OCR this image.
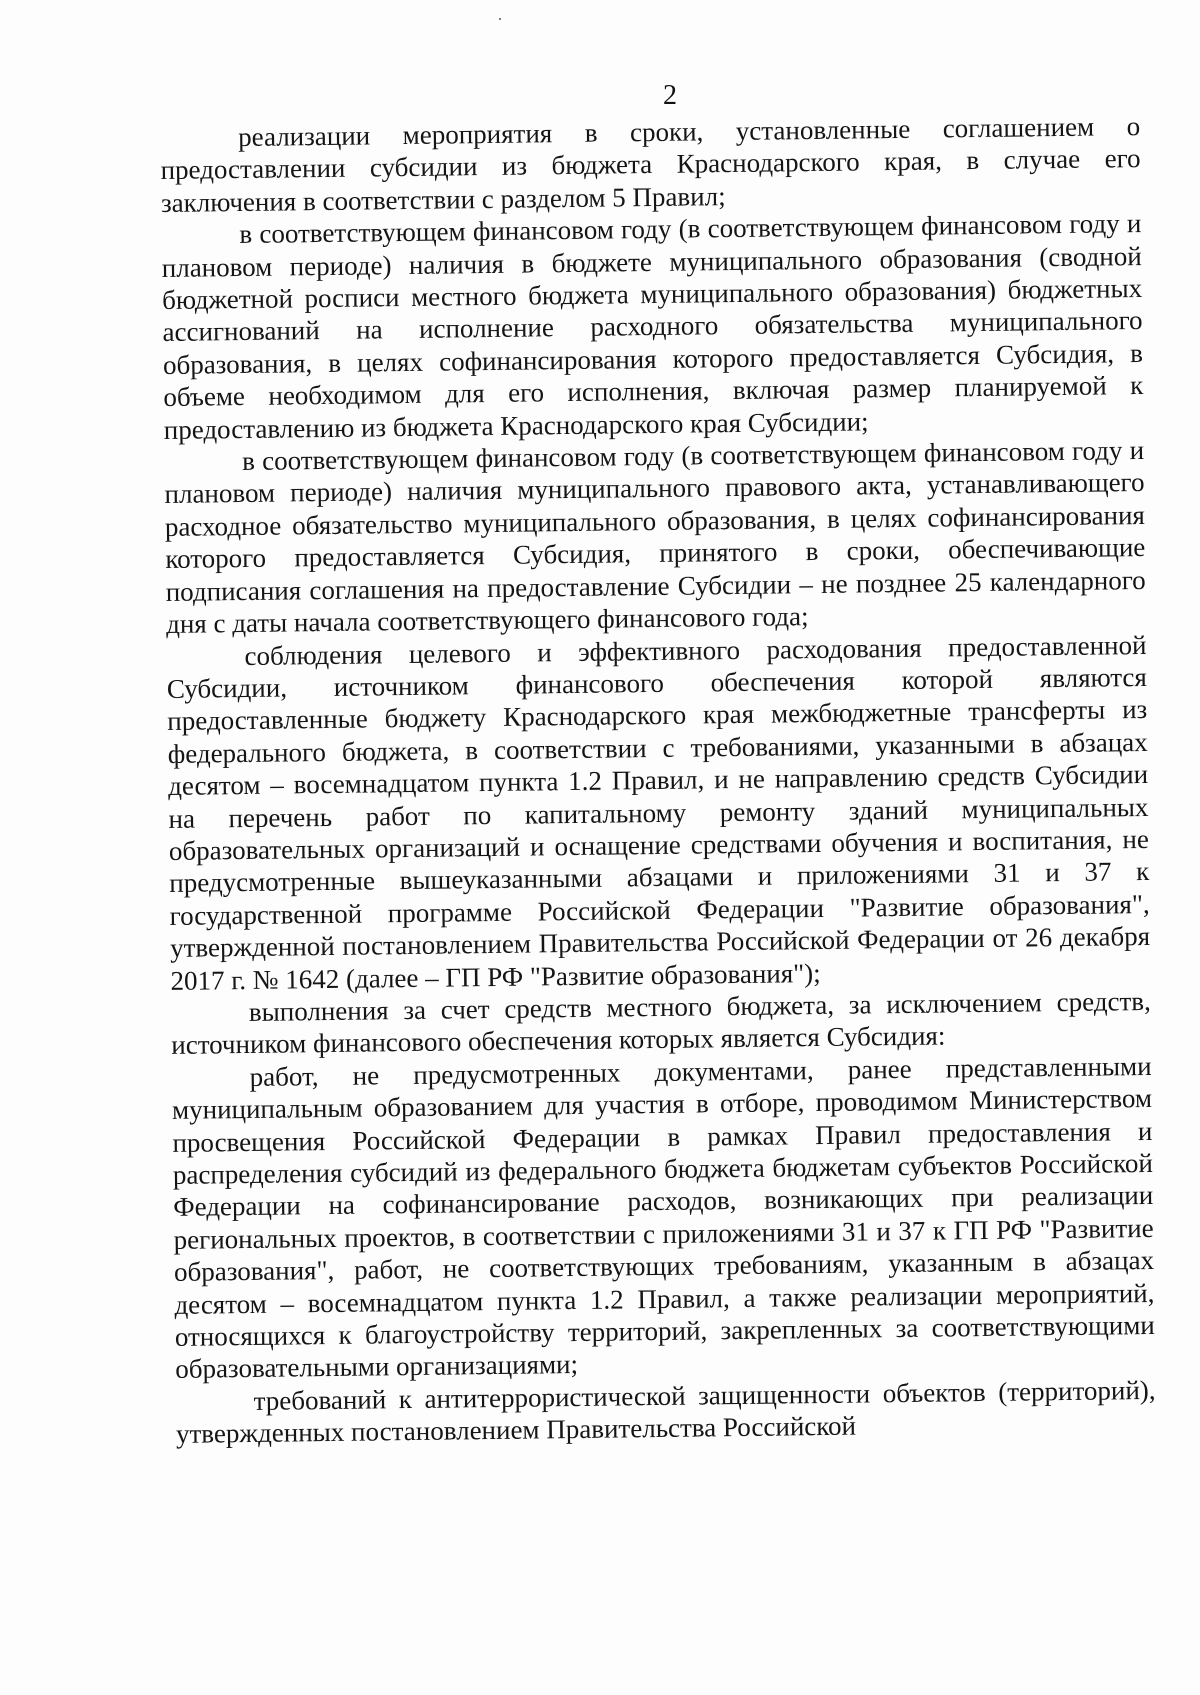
2

реализации мероприятия в сроки, установленные соглашением о предоставлении субсидии из бюджета Краснодарского края, в случае его заключения в соответствии с разделом 5 Правил;

в соответствующем финансовом году (в соответствующем финансовом году и плановом периоде) наличия в бюджете муниципального образования (сводной бюджетной росписи местного бюджета муниципального образования) бюджетных ассигнований на исполнение расходного обязательства муниципального образования, в целях софинансирования которого предоставляется Субсидия, в объеме необходимом для его исполнения, включая размер планируемой к предоставлению из бюджета Краснодарского края Субсидии;

в соответствующем финансовом году (в соответствующем финансовом году и плановом периоде) наличия муниципального правового акта, устанавливающего расходное обязательство муниципального образования, в целях софинансирования которого предоставляется Субсидия, принятого в сроки, обеспечивающие подписания соглашения на предоставление Субсидии – не позднее 25 календарного дня с даты начала соответствующего финансового года;

соблюдения целевого и эффективного расходования предоставленной Субсидии, источником финансового обеспечения которой являются предоставленные бюджету Краснодарского края межбюджетные трансферты из федерального бюджета, в соответствии с требованиями, указанными в абзацах десятом – восемнадцатом пункта 1.2 Правил, и не направлению средств Субсидии на перечень работ по капитальному ремонту зданий муниципальных образовательных организаций и оснащение средствами обучения и воспитания, не предусмотренные вышеуказанными абзацами и приложениями 31 и 37 к государственной программе Российской Федерации "Развитие образования", утвержденной постановлением Правительства Российской Федерации от 26 декабря 2017 г. № 1642 (далее – ГП РФ "Развитие образования");

выполнения за счет средств местного бюджета, за исключением средств, источником финансового обеспечения которых является Субсидия:

работ, не предусмотренных документами, ранее представленными муниципальным образованием для участия в отборе, проводимом Министерством просвещения Российской Федерации в рамках Правил предоставления и распределения субсидий из федерального бюджета бюджетам субъектов Российской Федерации на софинансирование расходов, возникающих при реализации региональных проектов, в соответствии с приложениями 31 и 37 к ГП РФ "Развитие образования", работ, не соответствующих требованиям, указанным в абзацах десятом – восемнадцатом пункта 1.2 Правил, а также реализации мероприятий, относящихся к благоустройству территорий, закрепленных за соответствующими образовательными организациями;

требований к антитеррористической защищенности объектов (территорий), утвержденных постановлением Правительства Российской
